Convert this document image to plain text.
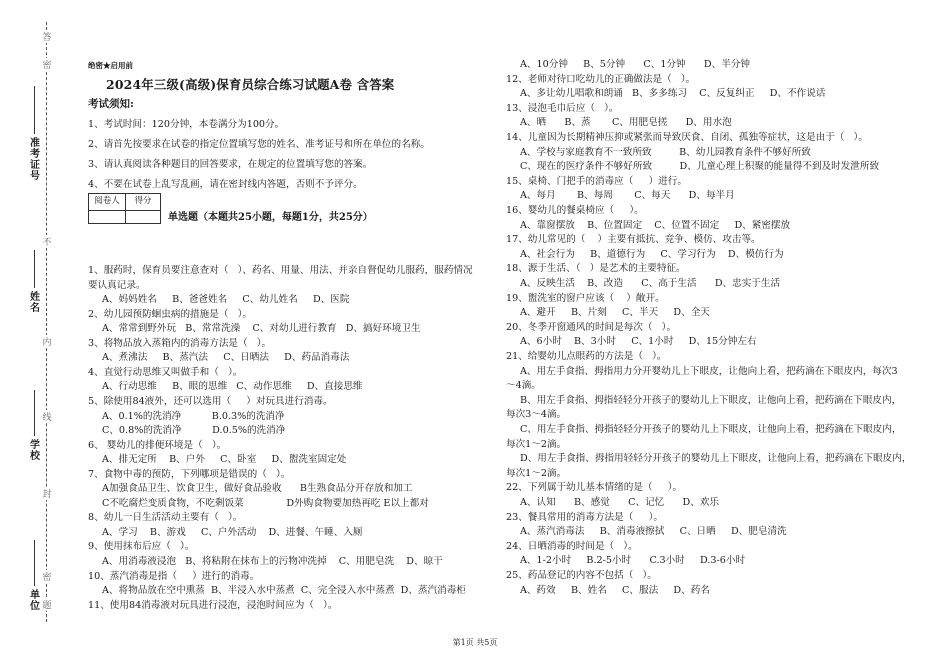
密
不
内
线
封
密
题
答
准考证号
姓名
学校
单位
绝密★启用前
2024年三级(高级)保育员综合练习试题A卷 含答案
考试须知:
1、考试时间：120分钟，本卷满分为100分。
2、请首先按要求在试卷的指定位置填写您的姓名、准考证号和所在单位的名称。
3、请认真阅读各种题目的回答要求，在规定的位置填写您的答案。
4、不要在试卷上乱写乱画，请在密封线内答题，否则不予评分。
阅卷人	得分

单选题（本题共25小题，每题1分，共25分）
1、服药时，保育员要注意查对（   ）、药名、用量、用法、并亲自督促幼儿服药，服药情况
要认真记录。
A、妈妈姓名     B、爸爸姓名     C、幼儿姓名     D、医院
2、幼儿园预防蛔虫病的措施是（   ）。
A、常常到野外玩   B、常常洗澡    C、对幼儿进行教育   D、搞好环境卫生
3、将物品放入蒸箱内的消毒方法是（   ）。
A、煮沸法     B、蒸汽法     C、日晒法     D、药品消毒法
4、直觉行动思维又叫做手和（   ）。
A、行动思维     B、眼的思维   C、动作思维     D、直接思维
5、除使用84液外，还可以选用（     ）对玩具进行消毒。
A、0.1%的洗消净          B.0.3%的洗消净
C、0.8%的洗消净          D.0.5%的洗消净
6、 婴幼儿的排便环境是（   ）。
A、排无定所    B、户外     C、卧室     D、盥洗室固定处
7、食物中毒的预防，下列哪项是错误的（   ）。
A加强食品卫生、饮食卫生，做好食品验收      B生熟食品分开存放和加工
C不吃腐烂变质食物，不吃剩饭菜              D外购食物要加热再吃 E以上都对
8、幼儿一日生活活动主要有（   ）。
A、学习    B、游戏     C、户外活动    D、进餐、午睡、入厕
9、使用抹布后应（   ）。
A、用消毒液浸泡   B、将粘附在抹布上的污物冲洗掉    C、用肥皂洗    D、晾干
10、蒸汽消毒是指（     ）进行的消毒。
A、将物品放在空中熏蒸  B、半浸入水中蒸煮  C、完全浸入水中蒸煮  D、蒸汽消毒柜
11、使用84消毒液对玩具进行浸泡，浸泡时间应为（   ）。
A、10分钟     B、5分钟      C、1分钟      D、半分钟
12、老师对待口吃幼儿的正确做法是（   ）。
A、多让幼儿唱歌和朗诵   B、多多练习    C、反复纠正     D、不作说话
13、浸泡毛巾后应（   ）。
A、晒      B、蒸       C、用肥皂搓      D、用水泡
14、儿童因为长期精神压抑或紧张而导致厌食、自闭、孤独等症状，这是由于（   ）。
A、学校与家庭教育不一致所致         B、幼儿园教育条件不够好所致
C、现在的医疗条件不够好所致         D、儿童心理上积聚的能量得不到及时发泄所致
15、桌椅、门把手的消毒应（     ）进行。
A、每月       B、每周       C、每天      D、每半月
16、婴幼儿的餐桌椅应（     ）。
A、靠窗摆放    B、位置固定    C、位置不固定     D、紧密摆放
17、幼儿常见的（    ）主要有抵抗、竞争、模仿、攻击等。
A、社会行为     B、道德行为     C、学习行为    D、模仿行为
18、源于生活、（   ）是艺术的主要特征。
A、反映生活    B、改造      C、高于生活      D、忠实于生活
19、盥洗室的窗户应该（    ）敞开。
A、避开     B、片刻     C、半天     D、全天
20、冬季开窗通风的时间是每次（   ）。
A、6小时    B、3小时     C、1小时     D、15分钟左右
21、给婴幼儿点眼药的方法是（   ）。
A、用左手食指、拇指用力分开婴幼儿上下眼皮，让他向上看，把药滴在下眼皮内，每次3
～4滴。
B、用左手食指、拇指轻轻分开孩子的婴幼儿上下眼皮，让他向上看，把药滴在下眼皮内，
每次3～4滴。
C、用左手食指、拇指轻轻分开孩子的婴幼儿上下眼皮，让他向上看，把药滴在下眼皮内，
每次1～2滴。
D、用左手食指、拇指用轻轻分开孩子的婴幼儿上下眼皮，让他向上看，把药滴在下眼皮内，
每次1～2滴。
22、下列属于幼儿基本情绪的是（     ）。
A、认知      B、感觉      C、记忆      D、欢乐
23、餐具常用的消毒方法是（     ）。
A、蒸汽消毒法     B、消毒液擦拭     C、日晒     D、肥皂清洗
24、日晒消毒的时间是（   ）。
A、1-2小时     B.2-5小时      C.3小时     D.3-6小时
25、药品登记的内容不包括（   ）。
A、药效     B、姓名     C、服法     D、药名
第1页 共5页
